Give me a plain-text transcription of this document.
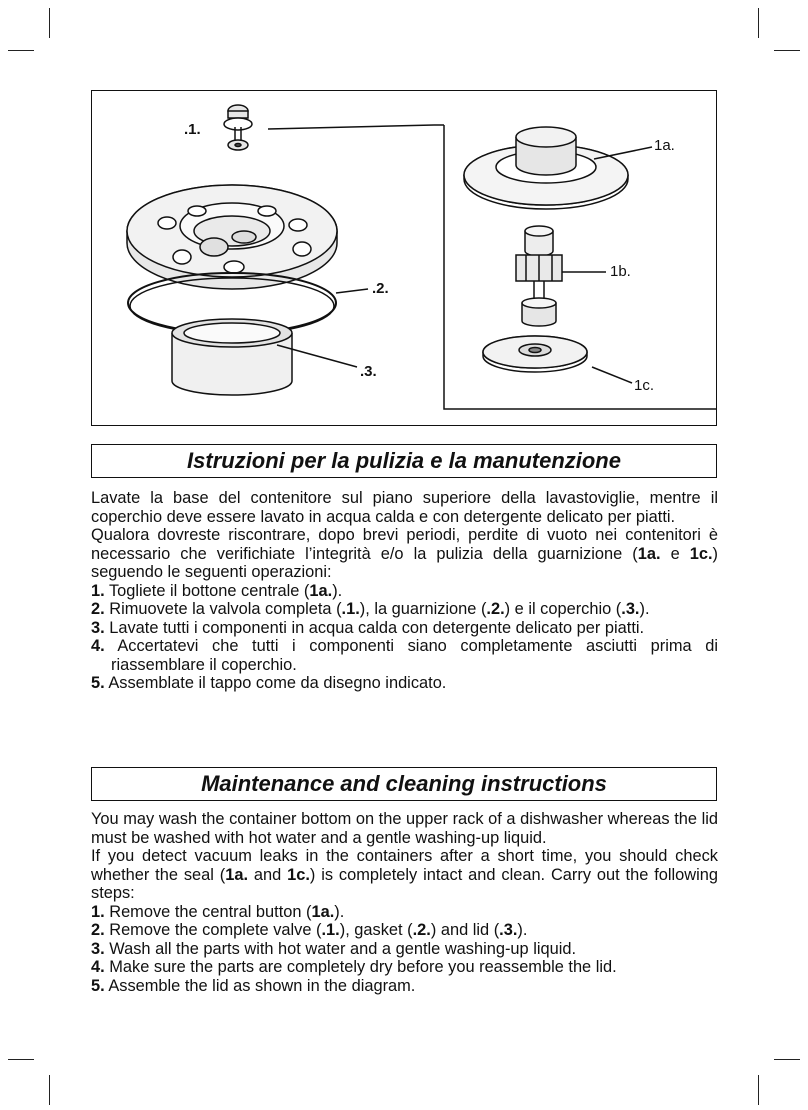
.1.
.2.
.3.
1a.
1b.
1c.
Istruzioni per la pulizia e la manutenzione

Lavate la base del contenitore sul piano superiore della lavastoviglie, mentre il coperchio deve essere lavato in acqua calda e con detergente delicato per piatti.

Qualora dovreste riscontrare, dopo brevi periodi, perdite di vuoto nei contenitori è necessario che verifichiate l’integrità e/o la pulizia della guarnizione (1a. e 1c.) seguendo le seguenti operazioni:

1. Togliete il bottone centrale (1a.).
2. Rimuovete la valvola completa (.1.), la guarnizione (.2.) e il coperchio (.3.).
3. Lavate tutti i componenti in acqua calda con detergente delicato per piatti.
4. Accertatevi che tutti i componenti siano completamente asciutti prima di riassemblare il coperchio.
5. Assemblate il tappo come da disegno indicato.
Maintenance and cleaning instructions

You may wash the container bottom on the upper rack of a dishwasher whereas the lid must be washed with hot water and a gentle washing-up liquid.

If you detect vacuum leaks in the containers after a short time, you should check whether the seal (1a. and 1c.) is completely intact and clean. Carry out the following steps:

1. Remove the central button (1a.).
2. Remove the complete valve (.1.), gasket (.2.) and lid (.3.).
3. Wash all the parts with hot water and a gentle washing-up liquid.
4. Make sure the parts are completely dry before you reassemble the lid.
5. Assemble the lid as shown in the diagram.
